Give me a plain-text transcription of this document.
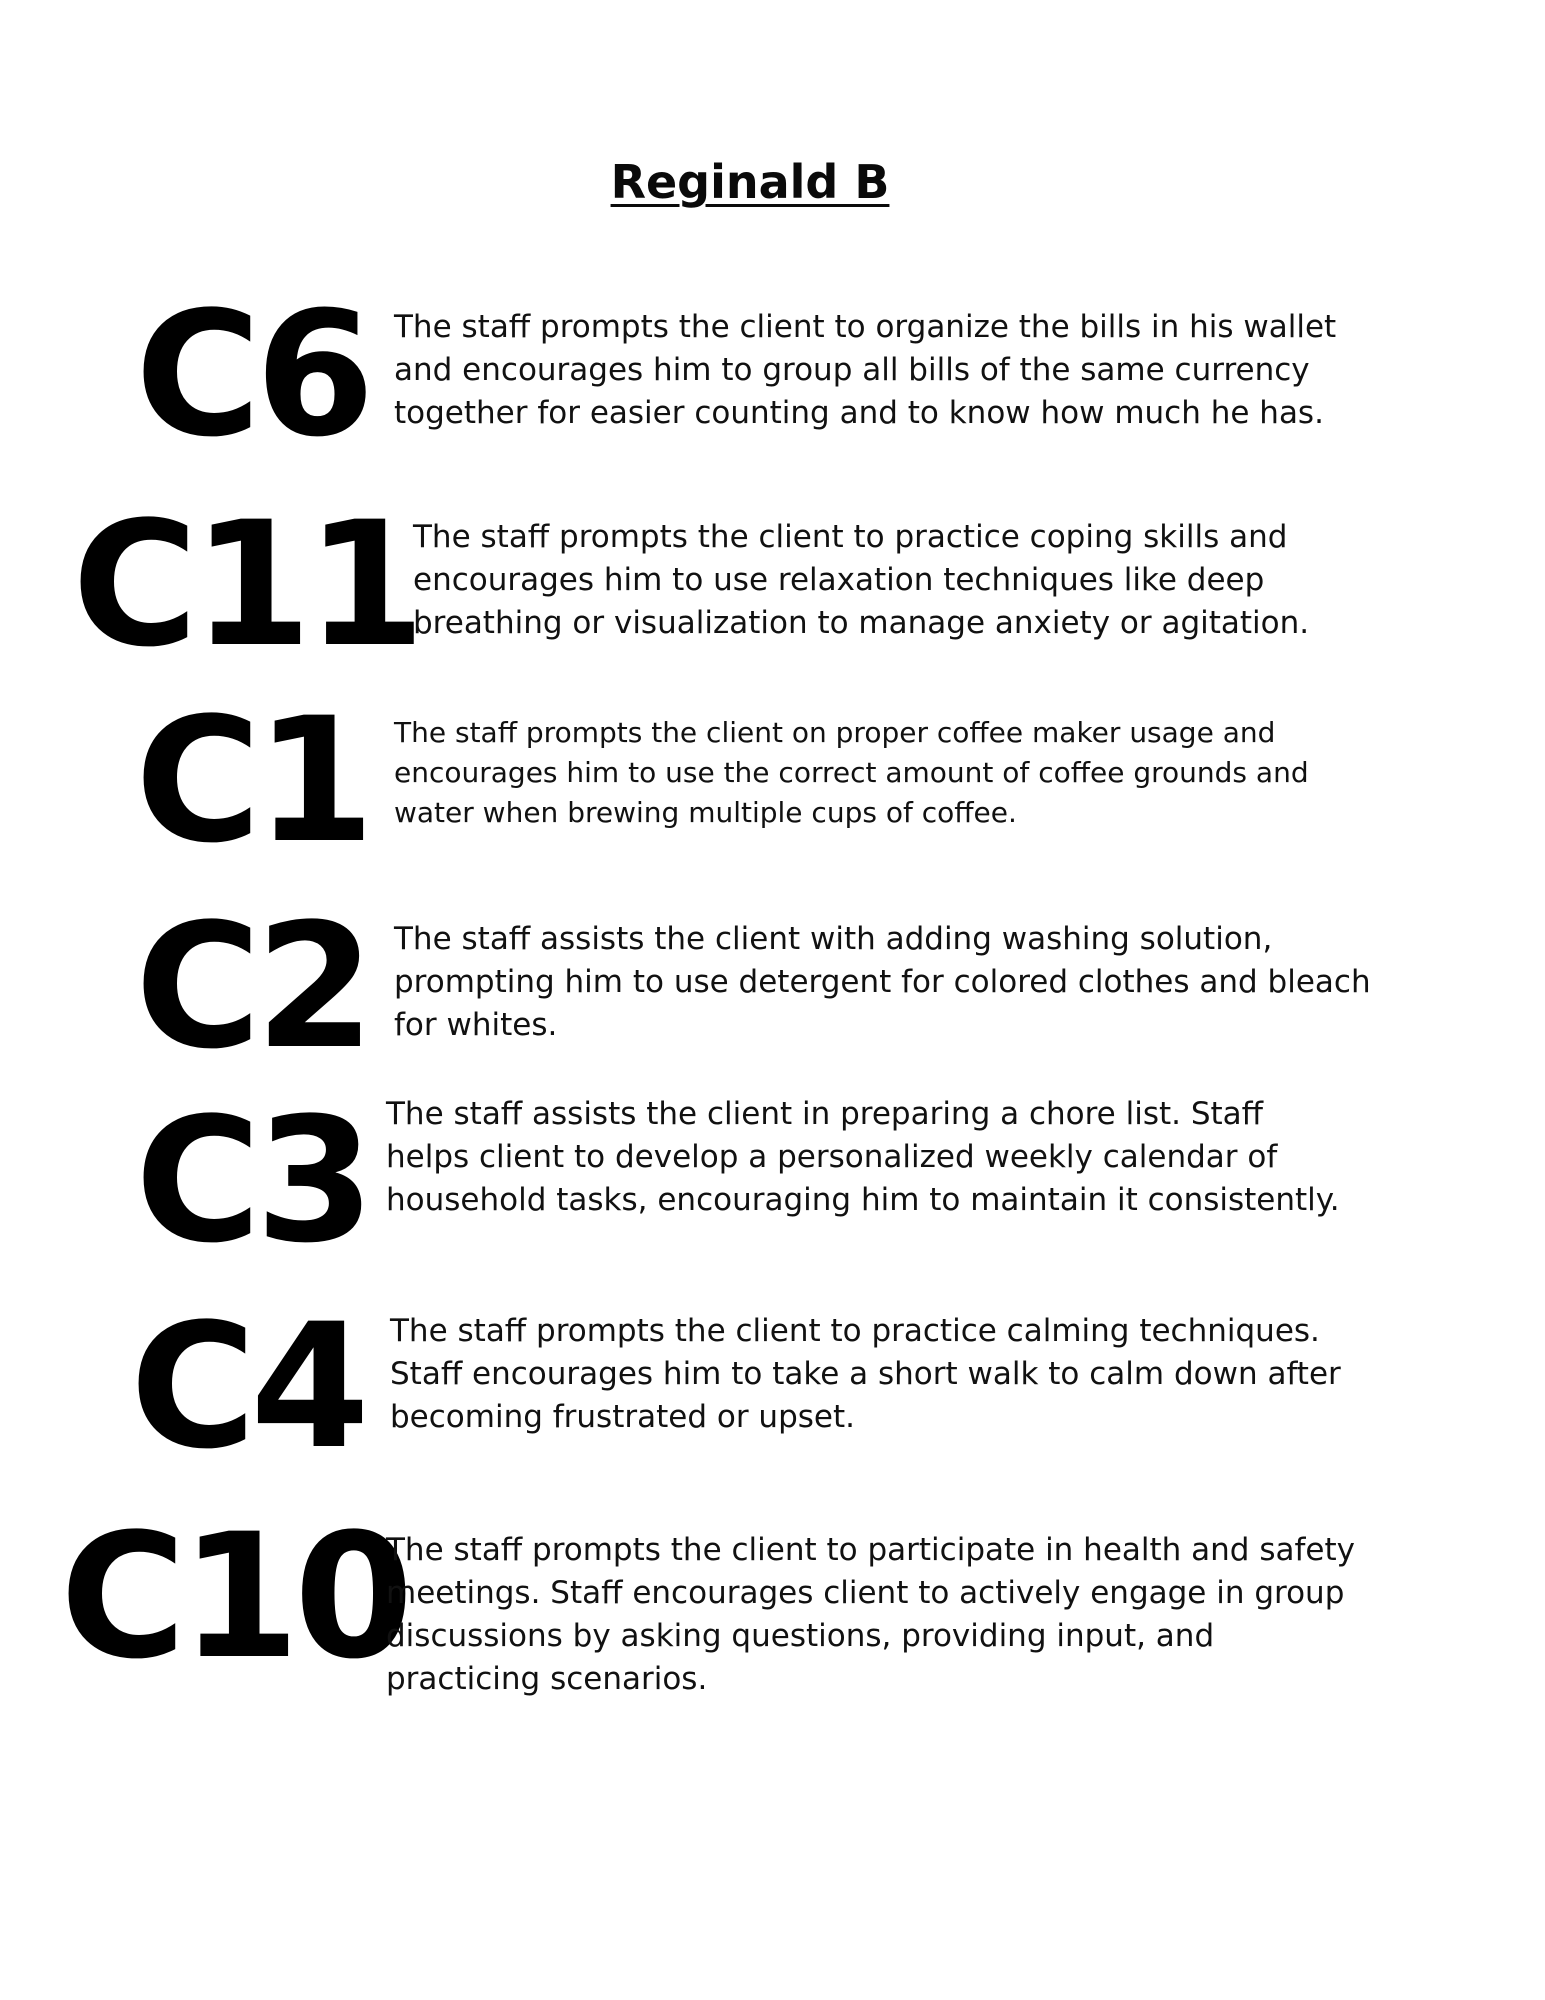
Reginald B
C6 The staff prompts the client to organize the bills in his wallet and encourages him to group all bills of the same currency together for easier counting and to know how much he has.
C11
The staff prompts the client to practice coping skills and encourages him to use relaxation techniques like deep breathing or visualization to manage anxiety or agitation.
C1 The staff prompts the client on proper coffee maker usage and encourages him to use the correct amount of coffee grounds and water when brewing multiple cups of coffee.
C2 The staff assists the client with adding washing solution, prompting him to use detergent for colored clothes and bleach for whites.
C3 The staff assists the client in preparing a chore list. Staff helps client to develop a personalized weekly calendar of household tasks, encouraging him to maintain it consistently.
C4 The staff prompts the client to practice calming techniques. Staff encourages him to take a short walk to calm down after becoming frustrated or upset.
C10
The staff prompts the client to participate in health and safety meetings. Staff encourages client to actively engage in group discussions by asking questions, providing input, and practicing scenarios.
